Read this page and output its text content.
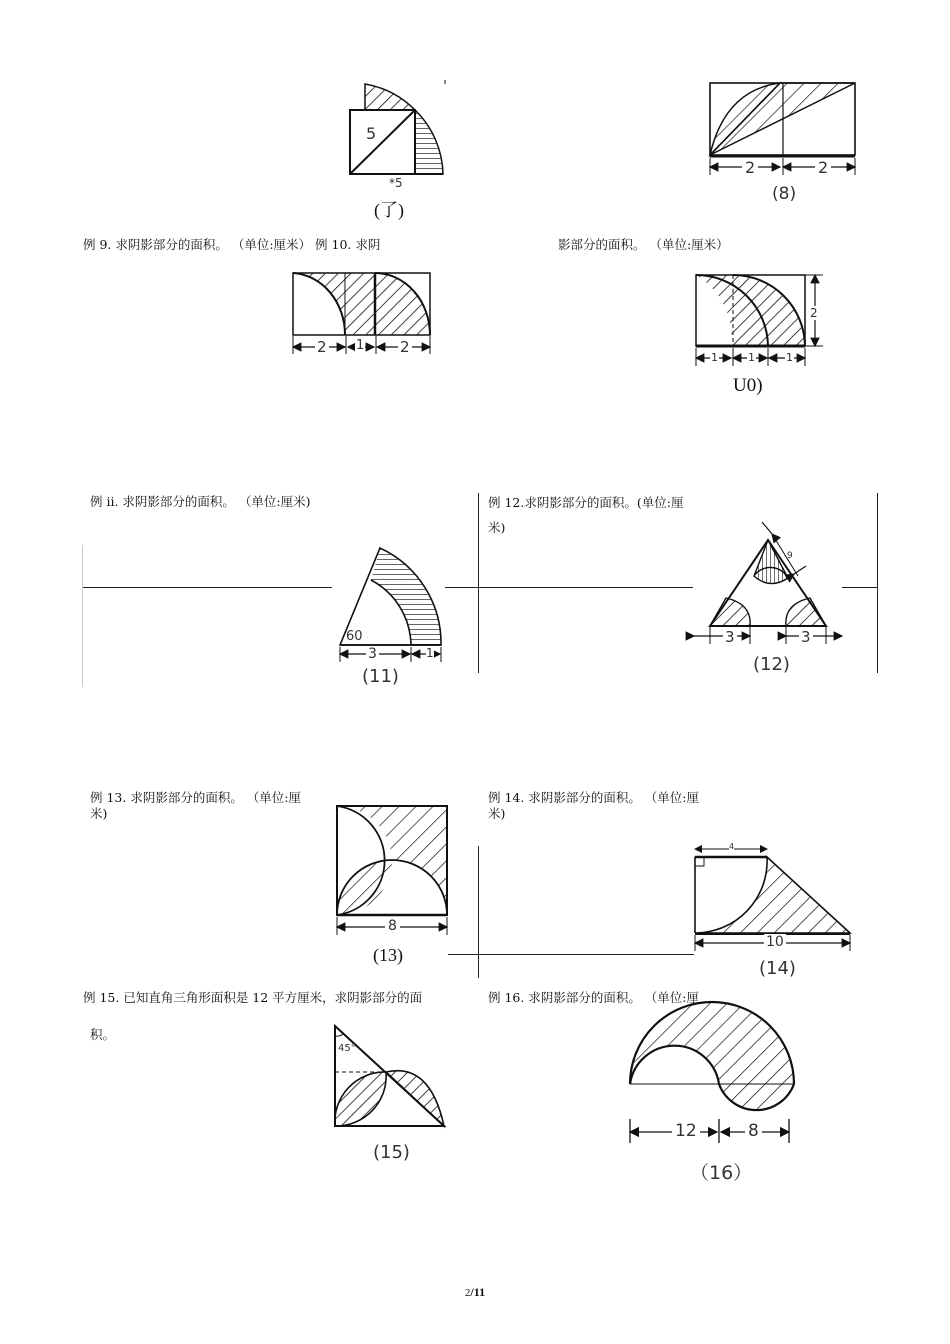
5
*5
(了)
2	2
(8)
例 9. 求阴影部分的面积。 （单位:厘米） 例 10. 求阴	影部分的面积。 （单位:厘米）
2 1 2
2
1	1	1
U0)
例 ii. 求阴影部分的面积。 （单位:厘米)	例 12.求阴影部分的面积。(单位:厘米)
60
3	1
(11)
9
3	3
(12)
例 13. 求阴影部分的面积。 （单位:厘米)
例 14. 求阴影部分的面积。 （单位:厘米)
8
(13)
4
10
(14)
例 15. 已知直角三角形面积是 12 平方厘米，求阴影部分的面
积。
例 16. 求阴影部分的面积。 （单位:厘
45°
(15)
12	8
（16）
2/11
